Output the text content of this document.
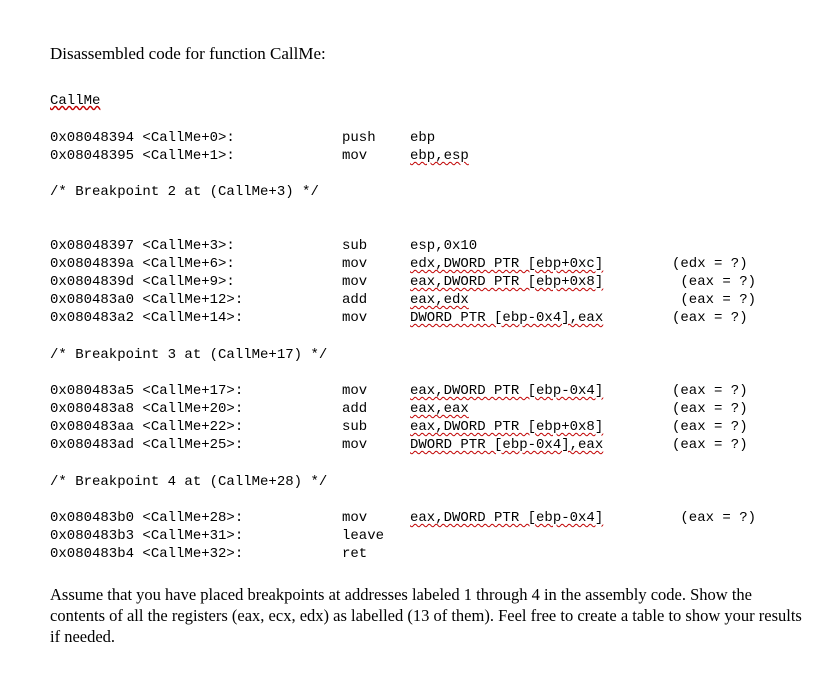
Disassembled code for function CallMe:
CallMe
0x08048394 <CallMe+0>:	push ebp
0x08048395 <CallMe+1>:	mov	ebp,esp
/* Breakpoint 2 at (CallMe+3) */
0x08048397 <CallMe+3>:	sub	esp,0x10
0x0804839a <CallMe+6>:	mov	edx,DWORD PTR [ebp+0xc]	(edx = ?)
0x0804839d <CallMe+9>:	mov	eax,DWORD PTR [ebp+0x8]	(eax = ?)
0x080483a0 <CallMe+12>:	add	eax,edx	(eax = ?)
0x080483a2 <CallMe+14>:	mov	DWORD PTR [ebp-0x4],eax	(eax = ?)
/* Breakpoint 3 at (CallMe+17) */
0x080483a5 <CallMe+17>:	mov	eax,DWORD PTR [ebp-0x4]	(eax = ?)
0x080483a8 <CallMe+20>:	add	eax,eax	(eax = ?)
0x080483aa <CallMe+22>:	sub	eax,DWORD PTR [ebp+0x8]	(eax = ?)
0x080483ad <CallMe+25>:	mov	DWORD PTR [ebp-0x4],eax	(eax = ?)
/* Breakpoint 4 at (CallMe+28) */
0x080483b0 <CallMe+28>:	mov	eax,DWORD PTR [ebp-0x4]	(eax = ?)
0x080483b3 <CallMe+31>:	leave
0x080483b4 <CallMe+32>:	ret
Assume that you have placed breakpoints at addresses labeled 1 through 4 in the assembly code. Show the contents of all the registers (eax, ecx, edx) as labelled (13 of them). Feel free to create a table to show your results if needed.
